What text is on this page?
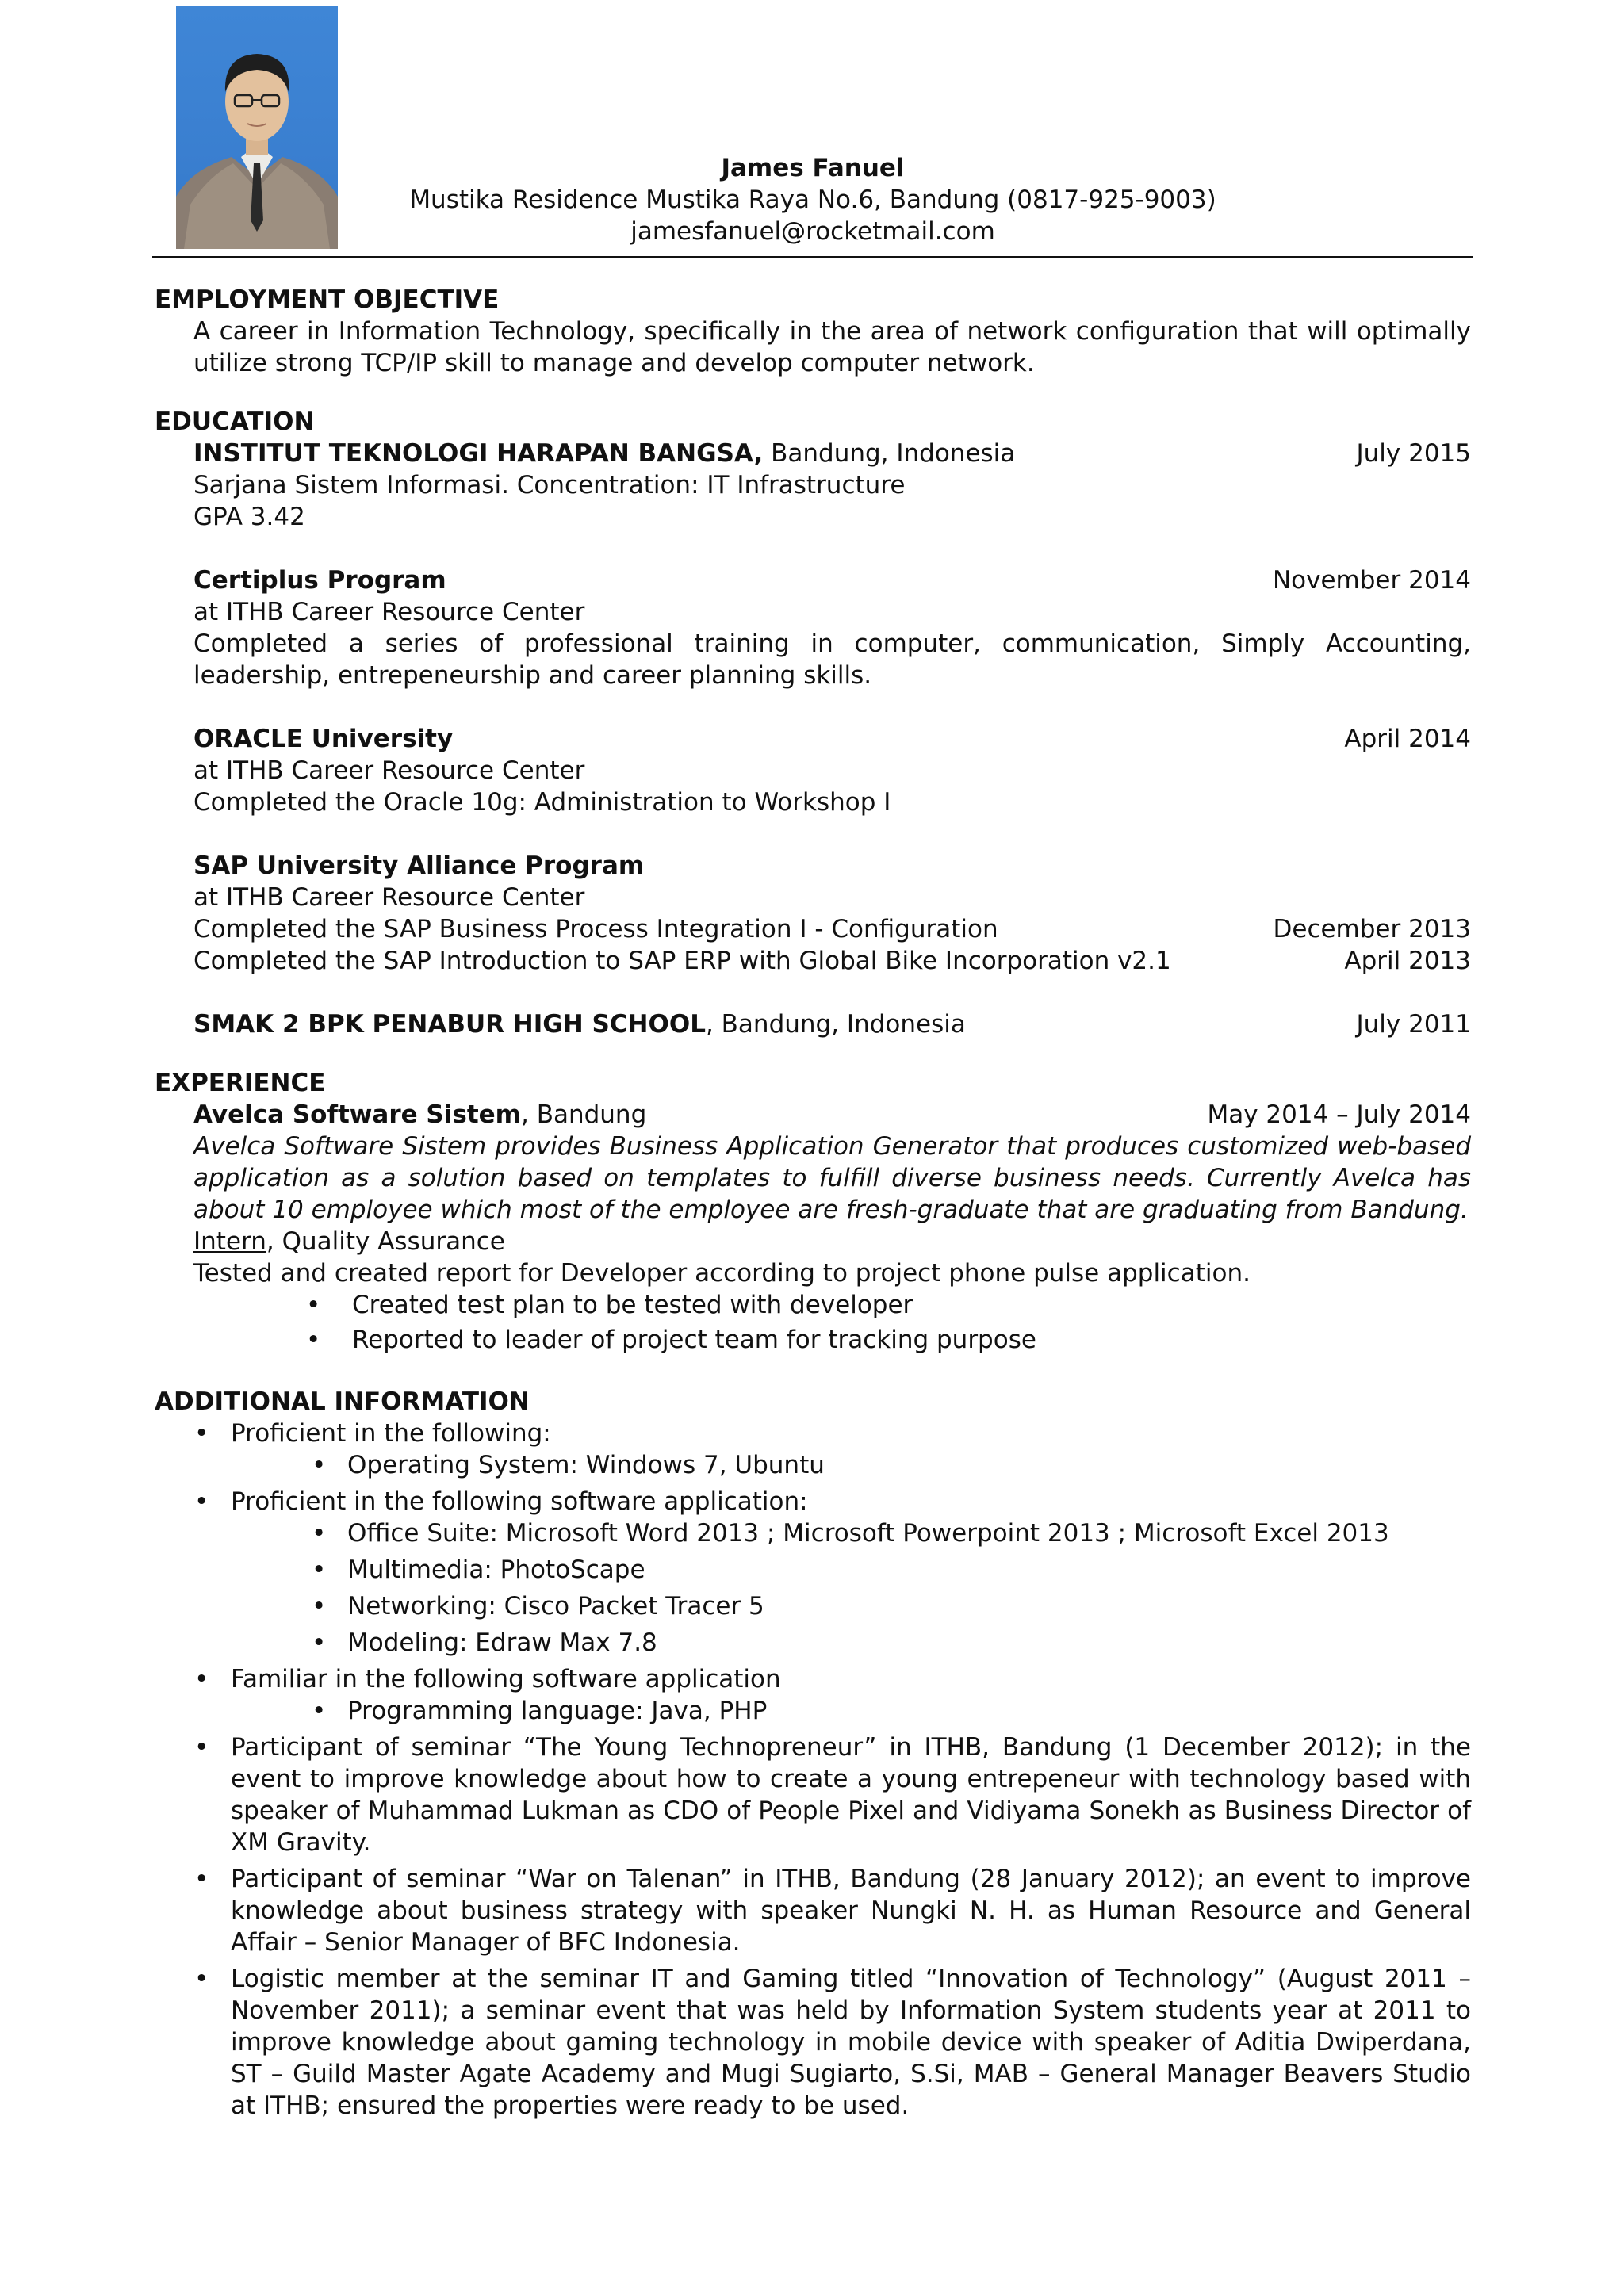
James Fanuel
Mustika Residence Mustika Raya No.6, Bandung (0817-925-9003)
jamesfanuel@rocketmail.com
EMPLOYMENT OBJECTIVE
A career in Information Technology, specifically in the area of network configuration that will optimally utilize strong TCP/IP skill to manage and develop computer network.
EDUCATION
INSTITUT TEKNOLOGI HARAPAN BANGSA, Bandung, Indonesia	July 2015
Sarjana Sistem Informasi. Concentration: IT Infrastructure
GPA 3.42
Certiplus Program	November 2014
at ITHB Career Resource Center
Completed a series of professional training in computer, communication, Simply Accounting, leadership, entrepeneurship and career planning skills.
ORACLE University	April 2014
at ITHB Career Resource Center
Completed the Oracle 10g: Administration to Workshop I
SAP University Alliance Program
at ITHB Career Resource Center
Completed the SAP Business Process Integration I - Configuration	December 2013
Completed the SAP Introduction to SAP ERP with Global Bike Incorporation v2.1	April 2013
SMAK 2 BPK PENABUR HIGH SCHOOL, Bandung, Indonesia	July 2011
EXPERIENCE
Avelca Software Sistem, Bandung	May 2014 – July 2014
Avelca Software Sistem provides Business Application Generator that produces customized web-based application as a solution based on templates to fulfill diverse business needs. Currently Avelca has about 10 employee which most of the employee are fresh-graduate that are graduating from Bandung.
Intern, Quality Assurance
Tested and created report for Developer according to project phone pulse application.
• Created test plan to be tested with developer
• Reported to leader of project team for tracking purpose
ADDITIONAL INFORMATION
• Proficient in the following:
• Operating System: Windows 7, Ubuntu
• Proficient in the following software application:
• Office Suite: Microsoft Word 2013 ; Microsoft Powerpoint 2013 ; Microsoft Excel 2013
• Multimedia: PhotoScape
• Networking: Cisco Packet Tracer 5
• Modeling: Edraw Max 7.8
• Familiar in the following software application
• Programming language: Java, PHP
• Participant of seminar “The Young Technopreneur” in ITHB, Bandung (1 December 2012); in the event to improve knowledge about how to create a young entrepeneur with technology based with speaker of Muhammad Lukman as CDO of People Pixel and Vidiyama Sonekh as Business Director of XM Gravity.
• Participant of seminar “War on Talenan” in ITHB, Bandung (28 January 2012); an event to improve knowledge about business strategy with speaker Nungki N. H. as Human Resource and General Affair – Senior Manager of BFC Indonesia.
• Logistic member at the seminar IT and Gaming titled “Innovation of Technology” (August 2011 – November 2011); a seminar event that was held by Information System students year at 2011 to improve knowledge about gaming technology in mobile device with speaker of Aditia Dwiperdana, ST – Guild Master Agate Academy and Mugi Sugiarto, S.Si, MAB – General Manager Beavers Studio at ITHB; ensured the properties were ready to be used.
